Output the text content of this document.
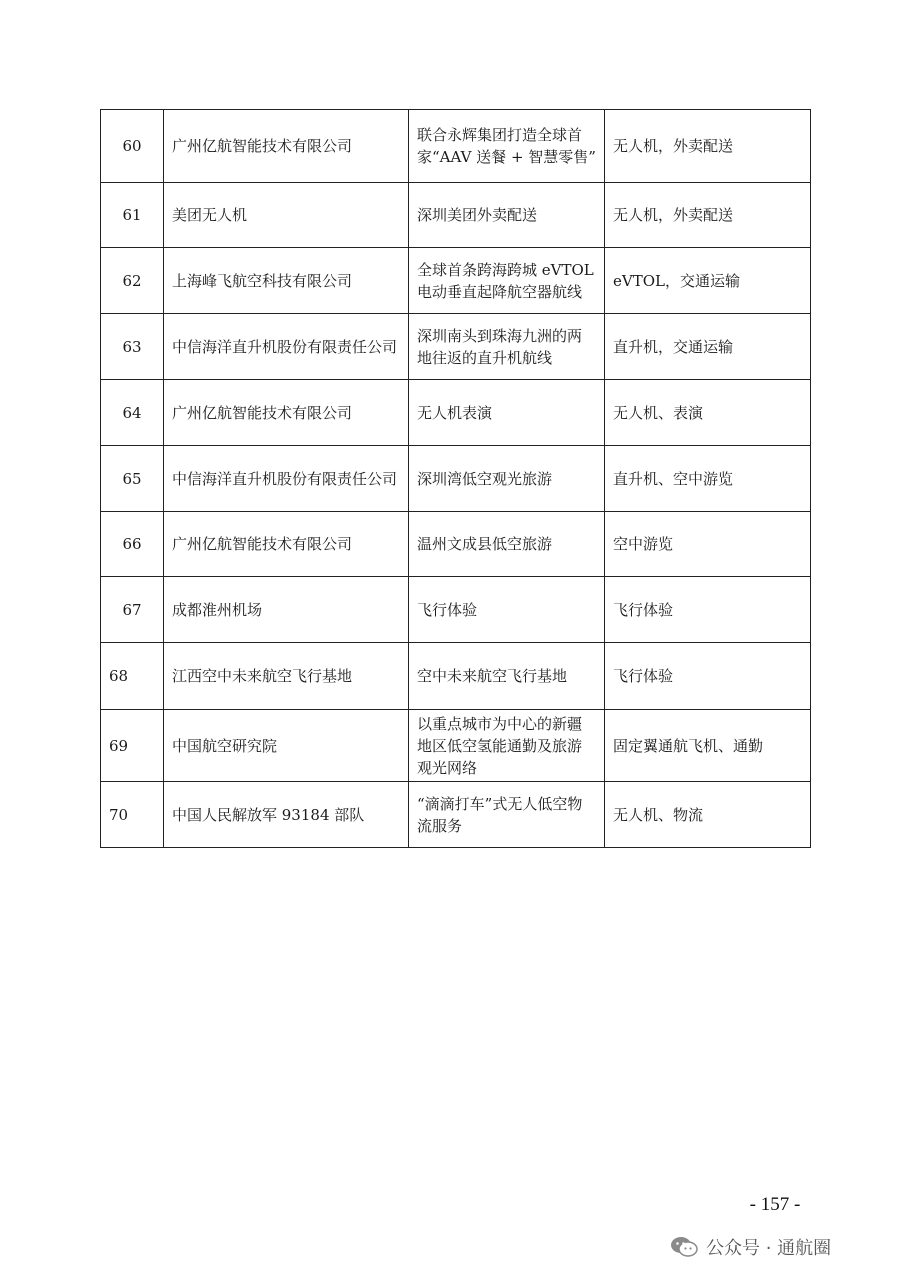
60	广州亿航智能技术有限公司	联合永辉集团打造全球首家“AAV 送餐 + 智慧零售”	无人机，外卖配送
61	美团无人机	深圳美团外卖配送	无人机，外卖配送
62	上海峰飞航空科技有限公司	全球首条跨海跨城 eVTOL 电动垂直起降航空器航线	eVTOL，交通运输
63	中信海洋直升机股份有限责任公司	深圳南头到珠海九洲的两地往返的直升机航线	直升机，交通运输
64	广州亿航智能技术有限公司	无人机表演	无人机、表演
65	中信海洋直升机股份有限责任公司	深圳湾低空观光旅游	直升机、空中游览
66	广州亿航智能技术有限公司	温州文成县低空旅游	空中游览
67	成都淮州机场	飞行体验	飞行体验
68	江西空中未来航空飞行基地	空中未来航空飞行基地	飞行体验
69	中国航空研究院	以重点城市为中心的新疆地区低空氢能通勤及旅游观光网络	固定翼通航飞机、通勤
70	中国人民解放军 93184 部队	“滴滴打车”式无人低空物流服务	无人机、物流
- 157 -
公众号 · 通航圈
